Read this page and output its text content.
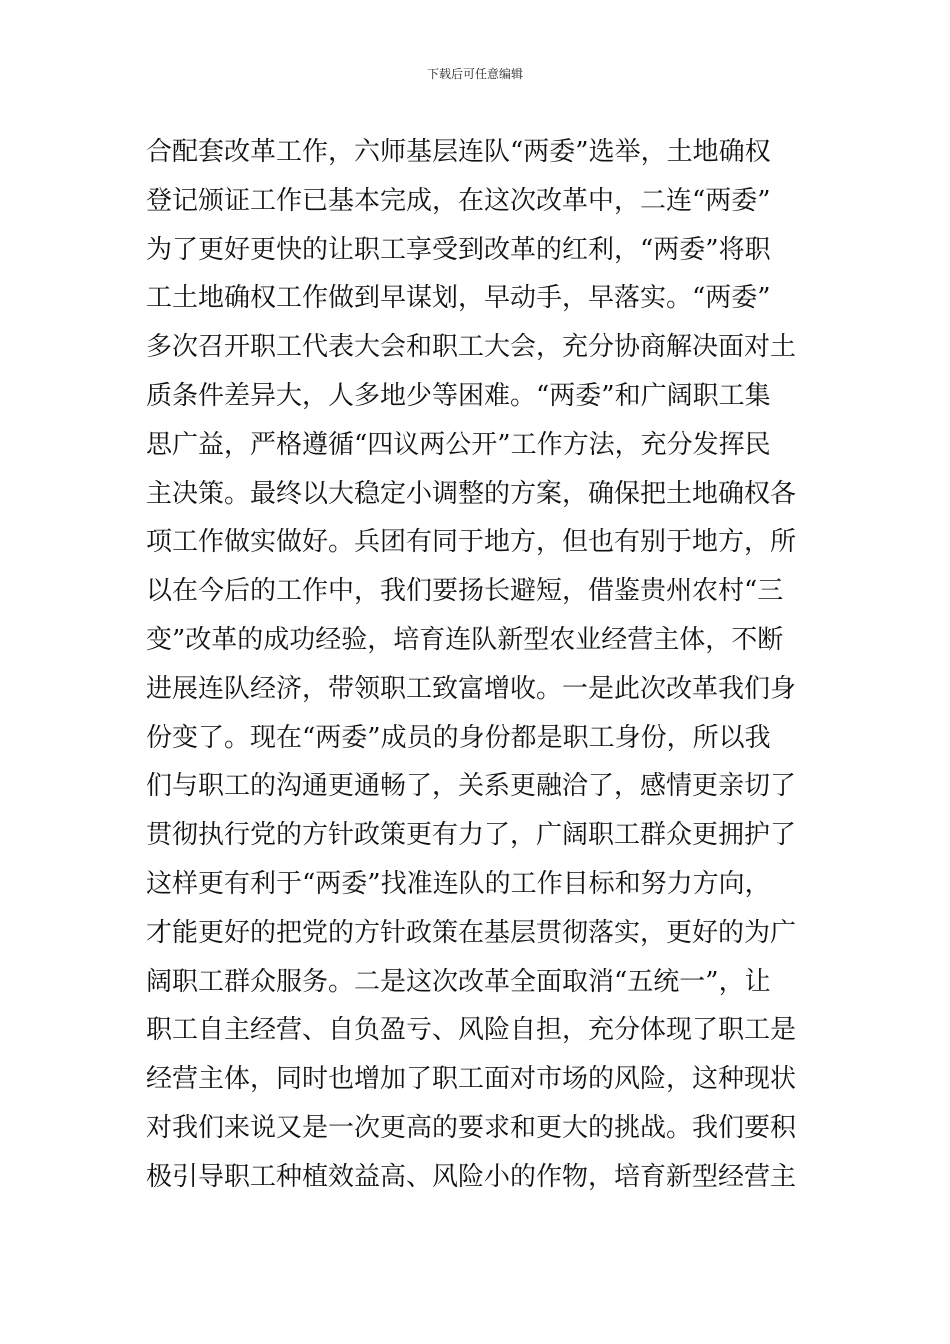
下载后可任意编辑
合配套改革工作，六师基层连队“两委”选举，土地确权
登记颁证工作已基本完成，在这次改革中，二连“两委”
为了更好更快的让职工享受到改革的红利，“两委”将职
工土地确权工作做到早谋划，早动手，早落实。“两委”
多次召开职工代表大会和职工大会，充分协商解决面对土
质条件差异大，人多地少等困难。“两委”和广阔职工集
思广益，严格遵循“四议两公开”工作方法，充分发挥民
主决策。最终以大稳定小调整的方案，确保把土地确权各
项工作做实做好。兵团有同于地方，但也有别于地方，所
以在今后的工作中，我们要扬长避短，借鉴贵州农村“三
变”改革的成功经验，培育连队新型农业经营主体，不断
进展连队经济，带领职工致富增收。一是此次改革我们身
份变了。现在“两委”成员的身份都是职工身份，所以我
们与职工的沟通更通畅了，关系更融洽了，感情更亲切了
贯彻执行党的方针政策更有力了，广阔职工群众更拥护了
这样更有利于“两委”找准连队的工作目标和努力方向，
才能更好的把党的方针政策在基层贯彻落实，更好的为广
阔职工群众服务。二是这次改革全面取消“五统一”，让
职工自主经营、自负盈亏、风险自担，充分体现了职工是
经营主体，同时也增加了职工面对市场的风险，这种现状
对我们来说又是一次更高的要求和更大的挑战。我们要积
极引导职工种植效益高、风险小的作物，培育新型经营主
